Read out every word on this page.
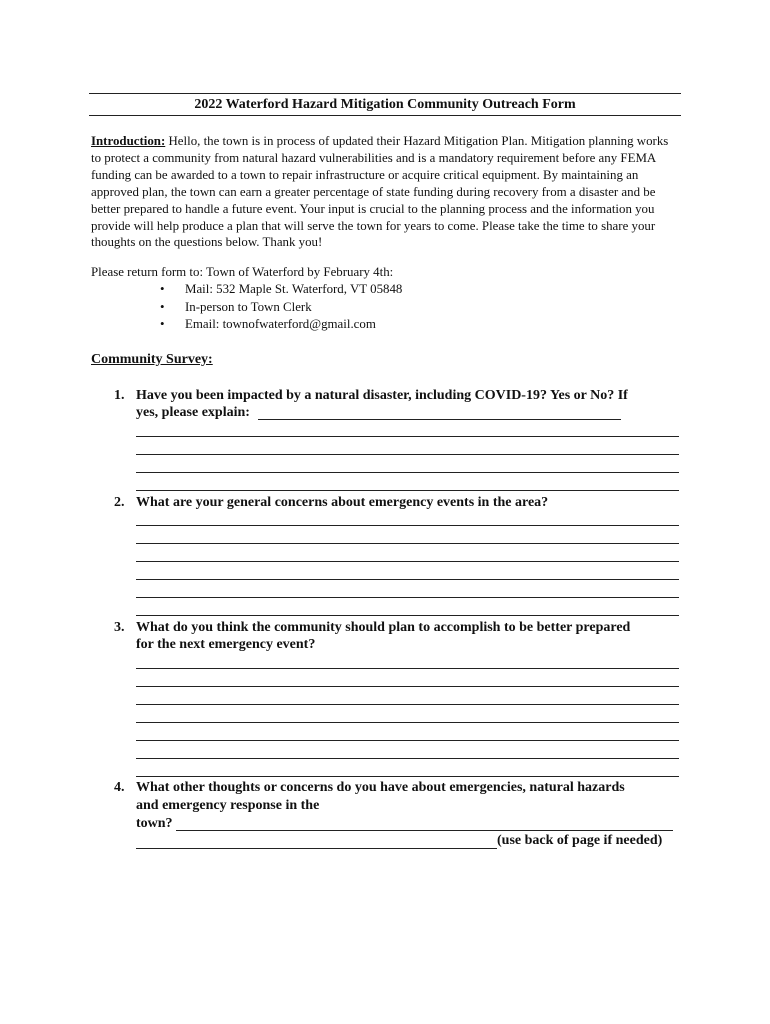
2022 Waterford Hazard Mitigation Community Outreach Form

Introduction: Hello, the town is in process of updated their Hazard Mitigation Plan. Mitigation planning works to protect a community from natural hazard vulnerabilities and is a mandatory requirement before any FEMA funding can be awarded to a town to repair infrastructure or acquire critical equipment. By maintaining an approved plan, the town can earn a greater percentage of state funding during recovery from a disaster and be better prepared to handle a future event. Your input is crucial to the planning process and the information you provide will help produce a plan that will serve the town for years to come. Please take the time to share your thoughts on the questions below. Thank you!

Please return form to: Town of Waterford by February 4th:
• Mail: 532 Maple St. Waterford, VT 05848
• In-person to Town Clerk
• Email: townofwaterford@gmail.com
Community Survey:
1. Have you been impacted by a natural disaster, including COVID-19? Yes or No? If
yes, please explain:
2. What are your general concerns about emergency events in the area?
3. What do you think the community should plan to accomplish to be better prepared
for the next emergency event?
4. What other thoughts or concerns do you have about emergencies, natural hazards
and emergency response in the
town?
(use back of page if needed)
